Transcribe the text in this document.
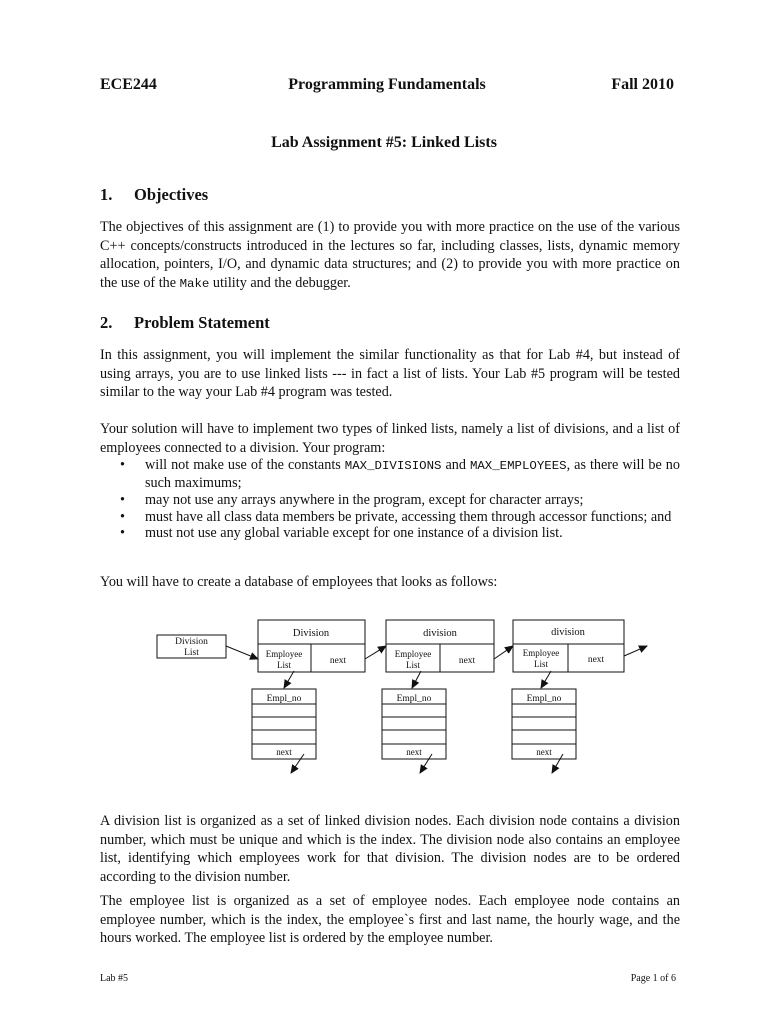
ECE244	Programming Fundamentals	Fall 2010
Lab Assignment #5: Linked Lists
1. Objectives
The objectives of this assignment are (1) to provide you with more practice on the use of the various C++ concepts/constructs introduced in the lectures so far, including classes, lists, dynamic memory allocation, pointers, I/O, and dynamic data structures; and (2) to provide you with more practice on the use of the Make utility and the debugger.
2. Problem Statement
In this assignment, you will implement the similar functionality as that for Lab #4, but instead of using arrays, you are to use linked lists --- in fact a list of lists. Your Lab #5 program will be tested similar to the way your Lab #4 program was tested.
Your solution will have to implement two types of linked lists, namely a list of divisions, and a list of employees connected to a division. Your program:
• will not make use of the constants MAX_DIVISIONS and MAX_EMPLOYEES, as there will be no such maximums;
• may not use any arrays anywhere in the program, except for character arrays;
• must have all class data members be private, accessing them through accessor functions; and
• must not use any global variable except for one instance of a division list.
You will have to create a database of employees that looks as follows:
Division
List
Division
Employee
List	next
division
Employee
List	next
division
Employee
List	next
Empl_no
next
Empl_no
next
Empl_no
next
A division list is organized as a set of linked division nodes. Each division node contains a division number, which must be unique and which is the index. The division node also contains an employee list, identifying which employees work for that division. The division nodes are to be ordered according to the division number.
The employee list is organized as a set of employee nodes. Each employee node contains an employee number, which is the index, the employee`s first and last name, the hourly wage, and the hours worked. The employee list is ordered by the employee number.
Lab #5	Page 1 of 6
